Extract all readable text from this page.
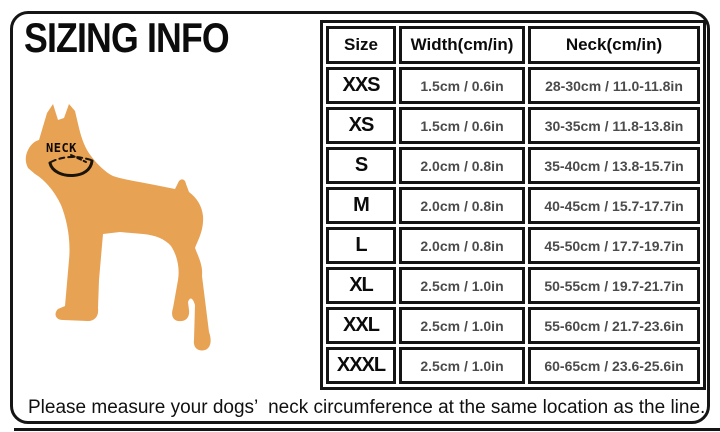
SIZING INFO
NECK
Size	Width(cm/in)	Neck(cm/in)
XXS	1.5cm / 0.6in	28-30cm / 11.0-11.8in
XS	1.5cm / 0.6in	30-35cm / 11.8-13.8in
S	2.0cm / 0.8in	35-40cm / 13.8-15.7in
M	2.0cm / 0.8in	40-45cm / 15.7-17.7in
L	2.0cm / 0.8in	45-50cm / 17.7-19.7in
XL	2.5cm / 1.0in	50-55cm / 19.7-21.7in
XXL	2.5cm / 1.0in	55-60cm / 21.7-23.6in
XXXL	2.5cm / 1.0in	60-65cm / 23.6-25.6in
Please measure your dogs’  neck circumference at the same location as the line.
